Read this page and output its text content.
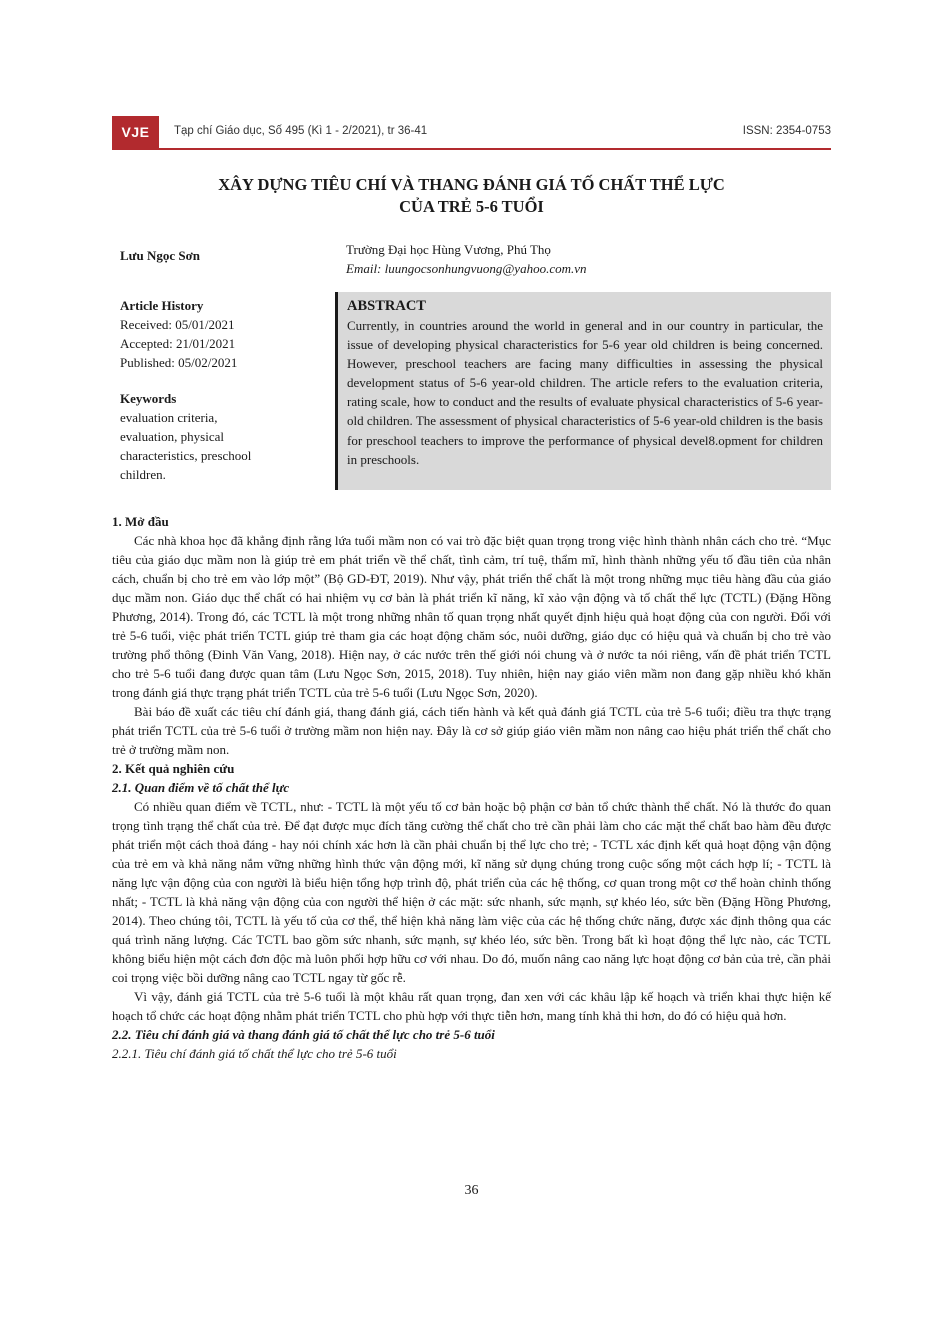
VJE	Tạp chí Giáo dục, Số 495 (Kì 1 - 2/2021), tr 36-41	ISSN: 2354-0753
XÂY DỰNG TIÊU CHÍ VÀ THANG ĐÁNH GIÁ TỐ CHẤT THỂ LỰC
CỦA TRẺ 5-6 TUỔI
Lưu Ngọc Sơn	Trường Đại học Hùng Vương, Phú Thọ
Email: luungocsonhungvuong@yahoo.com.vn
Article History
Received: 05/01/2021
Accepted: 21/01/2021
Published: 05/02/2021
Keywords
evaluation criteria,
evaluation, physical
characteristics, preschool
children.
ABSTRACT
Currently, in countries around the world in general and in our country in particular, the issue of developing physical characteristics for 5-6 year old children is being concerned. However, preschool teachers are facing many difficulties in assessing the physical development status of 5-6 year-old children. The article refers to the evaluation criteria, rating scale, how to conduct and the results of evaluate physical characteristics of 5-6 year-old children. The assessment of physical characteristics of 5-6 year-old children is the basis for preschool teachers to improve the performance of physical devel8.opment for children in preschools.
1. Mở đầu

Các nhà khoa học đã khẳng định rằng lứa tuổi mầm non có vai trò đặc biệt quan trọng trong việc hình thành nhân cách cho trẻ. “Mục tiêu của giáo dục mầm non là giúp trẻ em phát triển về thể chất, tình cảm, trí tuệ, thẩm mĩ, hình thành những yếu tố đầu tiên của nhân cách, chuẩn bị cho trẻ em vào lớp một” (Bộ GD-ĐT, 2019). Như vậy, phát triển thể chất là một trong những mục tiêu hàng đầu của giáo dục mầm non. Giáo dục thể chất có hai nhiệm vụ cơ bản là phát triển kĩ năng, kĩ xảo vận động và tố chất thể lực (TCTL) (Đặng Hồng Phương, 2014). Trong đó, các TCTL là một trong những nhân tố quan trọng nhất quyết định hiệu quả hoạt động của con người. Đối với trẻ 5-6 tuổi, việc phát triển TCTL giúp trẻ tham gia các hoạt động chăm sóc, nuôi dưỡng, giáo dục có hiệu quả và chuẩn bị cho trẻ vào trường phổ thông (Đinh Văn Vang, 2018). Hiện nay, ở các nước trên thế giới nói chung và ở nước ta nói riêng, vấn đề phát triển TCTL cho trẻ 5-6 tuổi đang được quan tâm (Lưu Ngọc Sơn, 2015, 2018). Tuy nhiên, hiện nay giáo viên mầm non đang gặp nhiều khó khăn trong đánh giá thực trạng phát triển TCTL của trẻ 5-6 tuổi (Lưu Ngọc Sơn, 2020).

Bài báo đề xuất các tiêu chí đánh giá, thang đánh giá, cách tiến hành và kết quả đánh giá TCTL của trẻ 5-6 tuổi; điều tra thực trạng phát triển TCTL của trẻ 5-6 tuổi ở trường mầm non hiện nay. Đây là cơ sở giúp giáo viên mầm non nâng cao hiệu phát triển thể chất cho trẻ ở trường mầm non.

2. Kết quả nghiên cứu
2.1. Quan điểm về tố chất thể lực

Có nhiều quan điểm về TCTL, như: - TCTL là một yếu tố cơ bản hoặc bộ phận cơ bản tổ chức thành thể chất. Nó là thước đo quan trọng tình trạng thể chất của trẻ. Để đạt được mục đích tăng cường thể chất cho trẻ cần phải làm cho các mặt thể chất bao hàm đều được phát triển một cách thoả đáng - hay nói chính xác hơn là cần phải chuẩn bị thể lực cho trẻ; - TCTL xác định kết quả hoạt động vận động của trẻ em và khả năng nắm vững những hình thức vận động mới, kĩ năng sử dụng chúng trong cuộc sống một cách hợp lí; - TCTL là năng lực vận động của con người là biểu hiện tổng hợp trình độ, phát triển của các hệ thống, cơ quan trong một cơ thể hoàn chỉnh thống nhất; - TCTL là khả năng vận động của con người thể hiện ở các mặt: sức nhanh, sức mạnh, sự khéo léo, sức bền (Đặng Hồng Phương, 2014). Theo chúng tôi, TCTL là yếu tố của cơ thể, thể hiện khả năng làm việc của các hệ thống chức năng, được xác định thông qua các quá trình năng lượng. Các TCTL bao gồm sức nhanh, sức mạnh, sự khéo léo, sức bền. Trong bất kì hoạt động thể lực nào, các TCTL không biểu hiện một cách đơn độc mà luôn phối hợp hữu cơ với nhau. Do đó, muốn nâng cao năng lực hoạt động cơ bản của trẻ, cần phải coi trọng việc bồi dưỡng nâng cao TCTL ngay từ gốc rễ.

Vì vậy, đánh giá TCTL của trẻ 5-6 tuổi là một khâu rất quan trọng, đan xen với các khâu lập kế hoạch và triển khai thực hiện kế hoạch tổ chức các hoạt động nhằm phát triển TCTL cho phù hợp với thực tiễn hơn, mang tính khả thi hơn, do đó có hiệu quả hơn.

2.2. Tiêu chí đánh giá và thang đánh giá tố chất thể lực cho trẻ 5-6 tuổi
2.2.1. Tiêu chí đánh giá tố chất thể lực cho trẻ 5-6 tuổi
36
